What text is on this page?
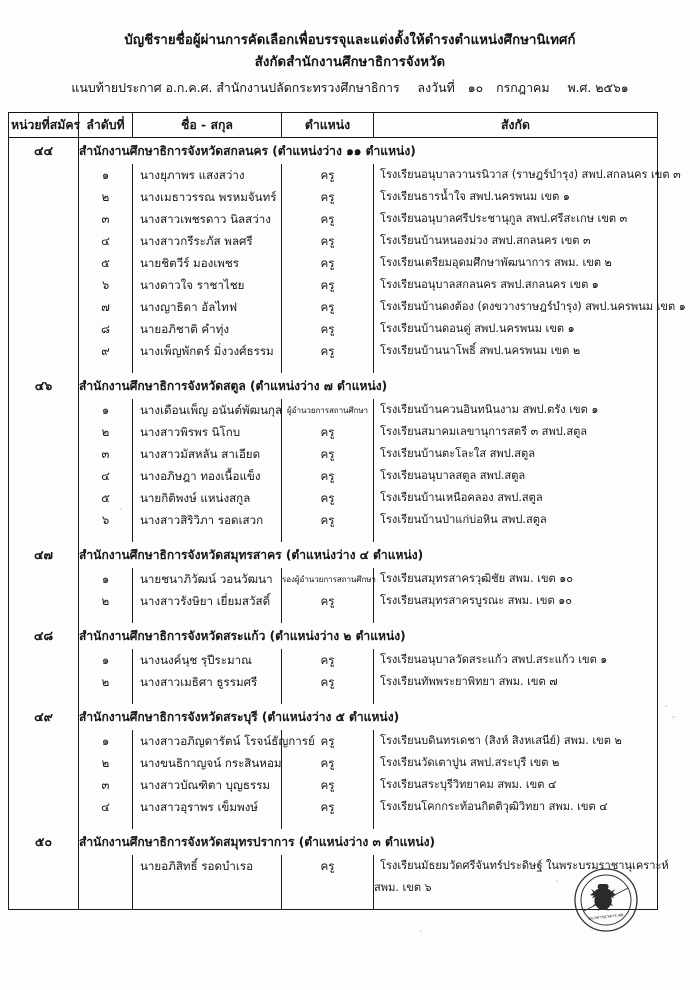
บัญชีรายชื่อผู้ผ่านการคัดเลือกเพื่อบรรจุและแต่งตั้งให้ดำรงตำแหน่งศึกษานิเทศก์
สังกัดสำนักงานศึกษาธิการจังหวัด
แนบท้ายประกาศ อ.ก.ค.ศ. สำนักงานปลัดกระทรวงศึกษาธิการ ลงวันที่ ๑๐ กรกฎาคม พ.ศ. ๒๕๖๑
หน่วยที่สมัคร	ลำดับที่	ชื่อ - สกุล	ตำแหน่ง	สังกัด
๔๔	สำนักงานศึกษาธิการจังหวัดสกลนคร (ตำแหน่งว่าง ๑๑ ตำแหน่ง)			
	๑	นางยุภาพร แสงสว่าง	ครู	โรงเรียนอนุบาลวานรนิวาส (ราษฎร์บำรุง) สพป.สกลนคร เขต ๓
	๒	นางเมธาวรรณ พรหมจันทร์	ครู	โรงเรียนธารน้ำใจ สพป.นครพนม เขต ๑
	๓	นางสาวเพชรดาว นิลสว่าง	ครู	โรงเรียนอนุบาลศรีประชานุกูล สพป.ศรีสะเกษ เขต ๓
	๔	นางสาวกรีระภัส พลศรี	ครู	โรงเรียนบ้านหนองม่วง สพป.สกลนคร เขต ๓
	๕	นายชิตวีร์ มองเพชร	ครู	โรงเรียนเตรียมอุดมศึกษาพัฒนาการ สพม. เขต ๒
	๖	นางดาวใจ ราชาไชย	ครู	โรงเรียนอนุบาลสกลนคร สพป.สกลนคร เขต ๑
	๗	นางญาธิดา อัลไทฟ	ครู	โรงเรียนบ้านดงต้อง (ดงขวางราษฎร์บำรุง) สพป.นครพนม เขต ๑
	๘	นายอภิชาติ คำทุ่ง	ครู	โรงเรียนบ้านดอนดู่ สพป.นครพนม เขต ๑
	๙	นางเพ็ญพักตร์ มิ่งวงศ์ธรรม	ครู	โรงเรียนบ้านนาโพธิ์ สพป.นครพนม เขต ๒

๔๖	สำนักงานศึกษาธิการจังหวัดสตูล (ตำแหน่งว่าง ๗ ตำแหน่ง)			
	๑	นางเดือนเพ็ญ อนันต์พัฒนกุล	ผู้อำนวยการสถานศึกษา	โรงเรียนบ้านควนอินทนินงาม สพป.ตรัง เขต ๑
	๒	นางสาวพิรพร นิโกบ	ครู	โรงเรียนสมาคมเลขานุการสตรี ๓ สพป.สตูล
	๓	นางสาวมัสหลัน สาเอียด	ครู	โรงเรียนบ้านตะโละใส สพป.สตูล
	๔	นางอภิษฎา ทองเนื้อแข็ง	ครู	โรงเรียนอนุบาลสตูล สพป.สตูล
	๕	นายกิติพงษ์ แหน่งสกูล	ครู	โรงเรียนบ้านเหนือคลอง สพป.สตูล
	๖	นางสาวสิริวิภา รอดเสวก	ครู	โรงเรียนบ้านป่าแก่บ่อหิน สพป.สตูล

๔๗	สำนักงานศึกษาธิการจังหวัดสมุทรสาคร (ตำแหน่งว่าง ๔ ตำแหน่ง)			
	๑	นายชนาภิวัฒน์ วอนวัฒนา	รองผู้อำนวยการสถานศึกษา	โรงเรียนสมุทรสาครวุฒิชัย สพม. เขต ๑๐
	๒	นางสาวรังษิยา เยี่ยมสวัสดิ์	ครู	โรงเรียนสมุทรสาครบูรณะ สพม. เขต ๑๐

๔๘	สำนักงานศึกษาธิการจังหวัดสระแก้ว (ตำแหน่งว่าง ๒ ตำแหน่ง)			
	๑	นางนงค์นุช รุปีระมาณ	ครู	โรงเรียนอนุบาลวัดสระแก้ว สพป.สระแก้ว เขต ๑
	๒	นางสาวเมธิศา ธูรรมศรี	ครู	โรงเรียนทัพพระยาพิทยา สพม. เขต ๗

๔๙	สำนักงานศึกษาธิการจังหวัดสระบุรี (ตำแหน่งว่าง ๕ ตำแหน่ง)			
	๑	นางสาวอภิญดารัตน์ โรจน์ธัญการย์	ครู	โรงเรียนบดินทรเดชา (สิงห์ สิงหเสนีย์) สพม. เขต ๒
	๒	นางขนธิกาญจน์ กระสินหอม	ครู	โรงเรียนวัดเตาปูน สพป.สระบุรี เขต ๒
	๓	นางสาวบัณฑิตา บุญธรรม	ครู	โรงเรียนสระบุรีวิทยาคม สพม. เขต ๔
	๔	นางสาวอุราพร เข็มพงษ์	ครู	โรงเรียนโคกกระท้อนกิตติวุฒิวิทยา สพม. เขต ๔

๕๐	สำนักงานศึกษาธิการจังหวัดสมุทรปราการ (ตำแหน่งว่าง ๓ ตำแหน่ง)			
		นายอภิสิทธิ์ รอดบำเรอ	ครู	โรงเรียนมัธยมวัดศรีจันทร์ประดิษฐ์ ในพระบรมราชานุเคราะห์
				สพม. เขต ๖

ธนาคารอาคาร ศธ
